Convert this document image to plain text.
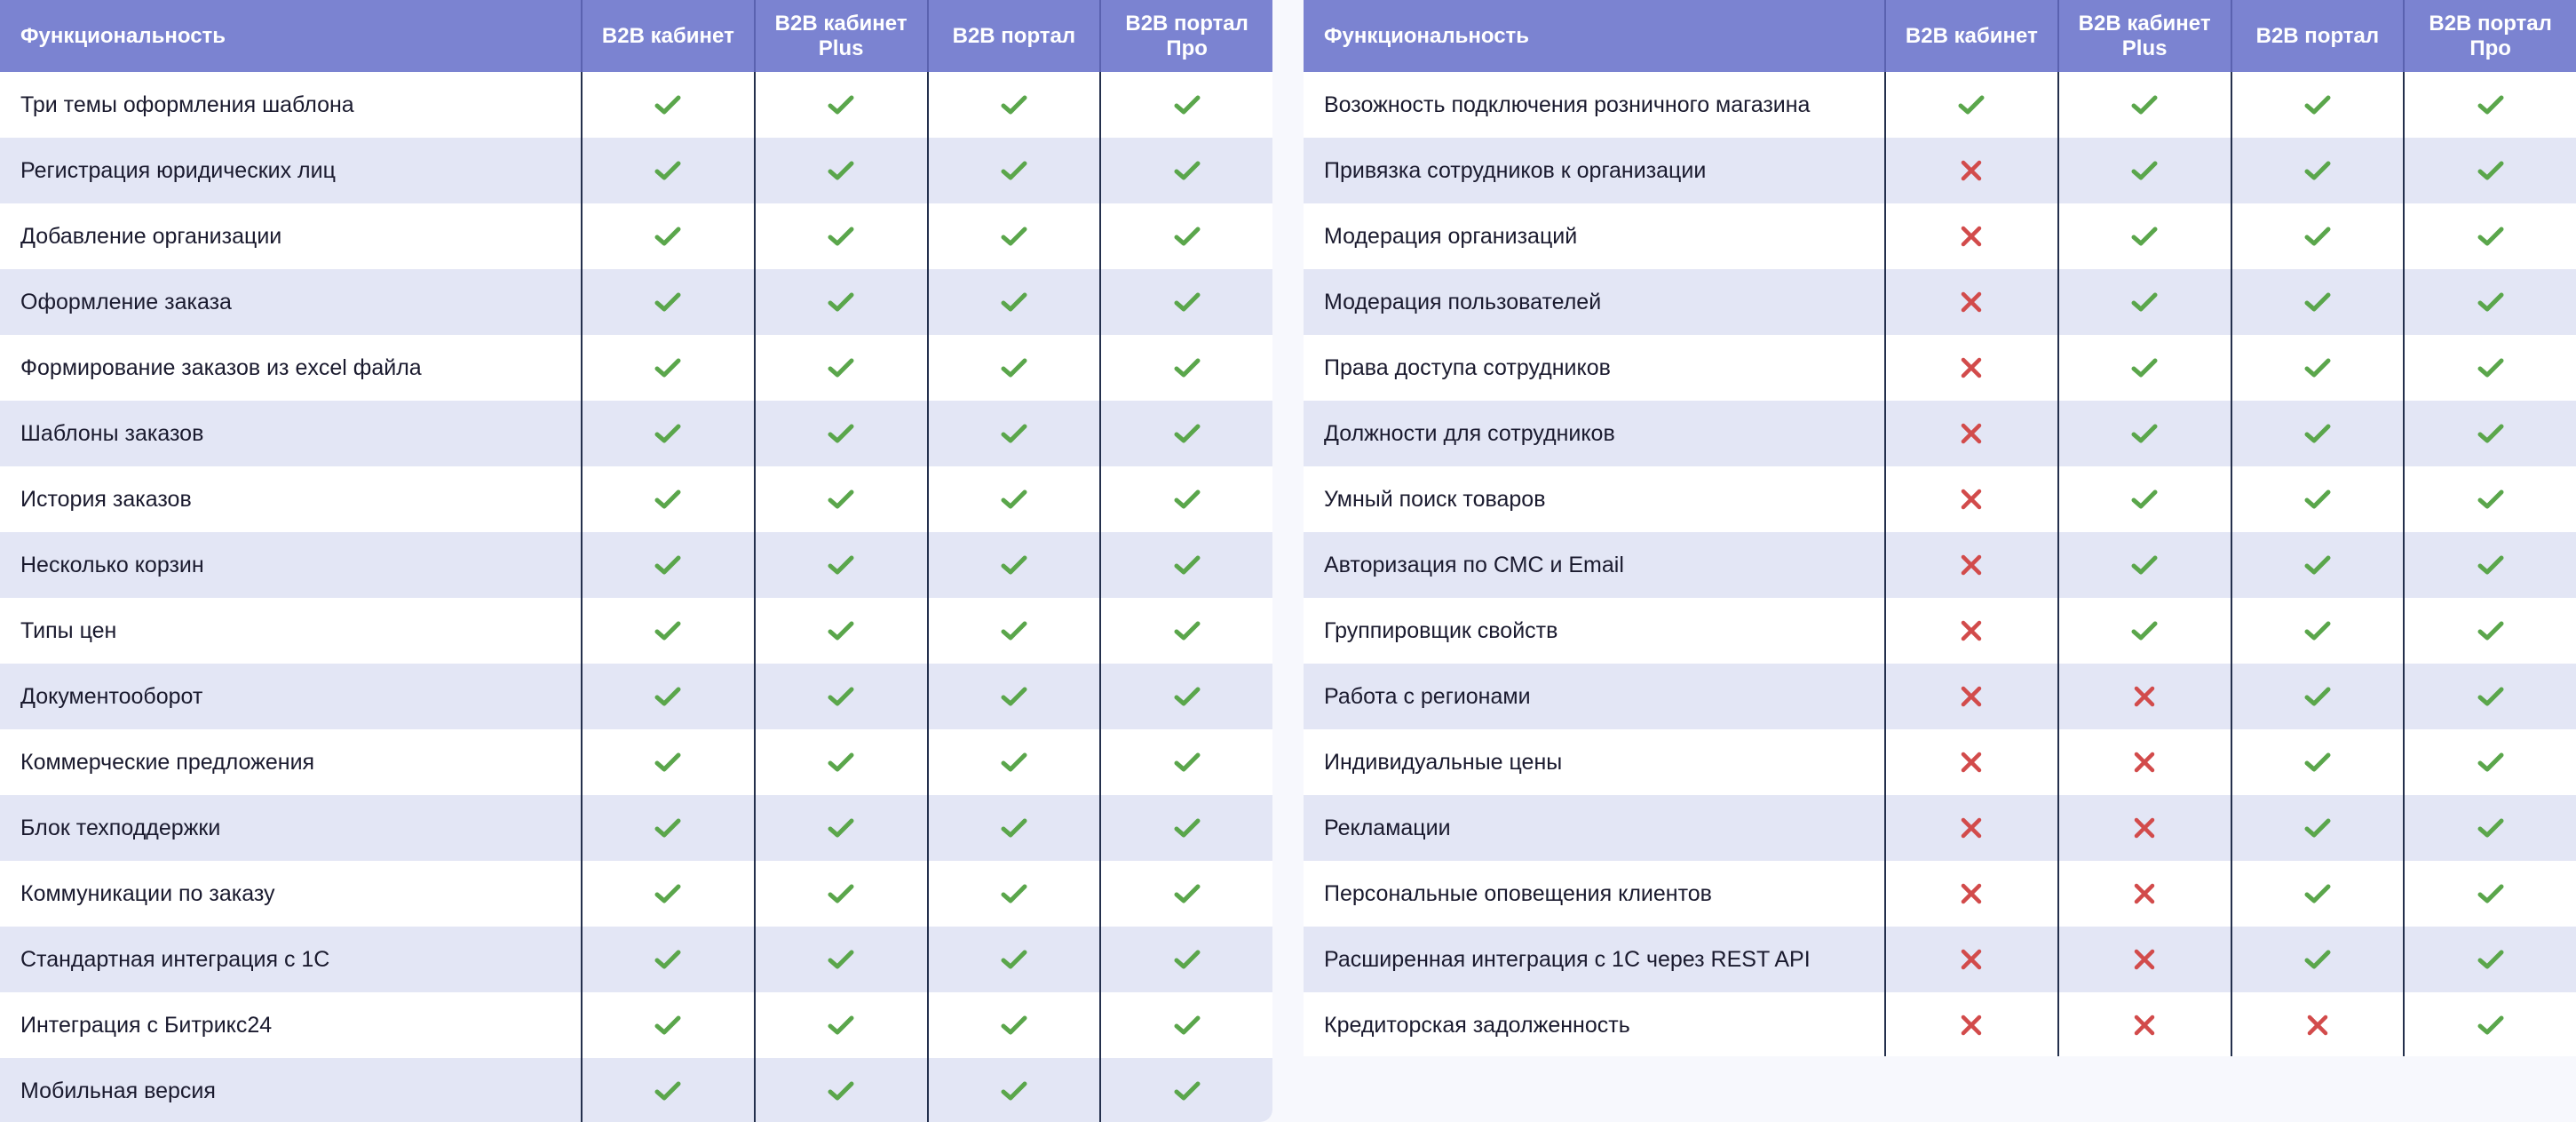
Функциональность	B2B кабинет
B2B кабинет Plus
B2B портал
B2B портал Про
Три темы оформления шаблона
Регистрация юридических лиц
Добавление организации
Оформление заказа
Формирование заказов из excel файла
Шаблоны заказов
История заказов
Несколько корзин
Типы цен
Документооборот
Коммерческие предложения
Блок техподдержки
Коммуникации по заказу
Стандартная интеграция с 1С
Интеграция с Битрикс24
Мобильная версия
Функциональность	B2B кабинет
B2B кабинет Plus
B2B портал
B2B портал Про
Возожность подключения розничного магазина
Привязка сотрудников к организации
Модерация организаций
Модерация пользователей
Права доступа сотрудников
Должности для сотрудников
Умный поиск товаров
Авторизация по СМС и Email
Группировщик свойств
Работа с регионами
Индивидуальные цены
Рекламации
Персональные оповещения клиентов
Расширенная интеграция с 1С через REST API
Кредиторская задолженность
